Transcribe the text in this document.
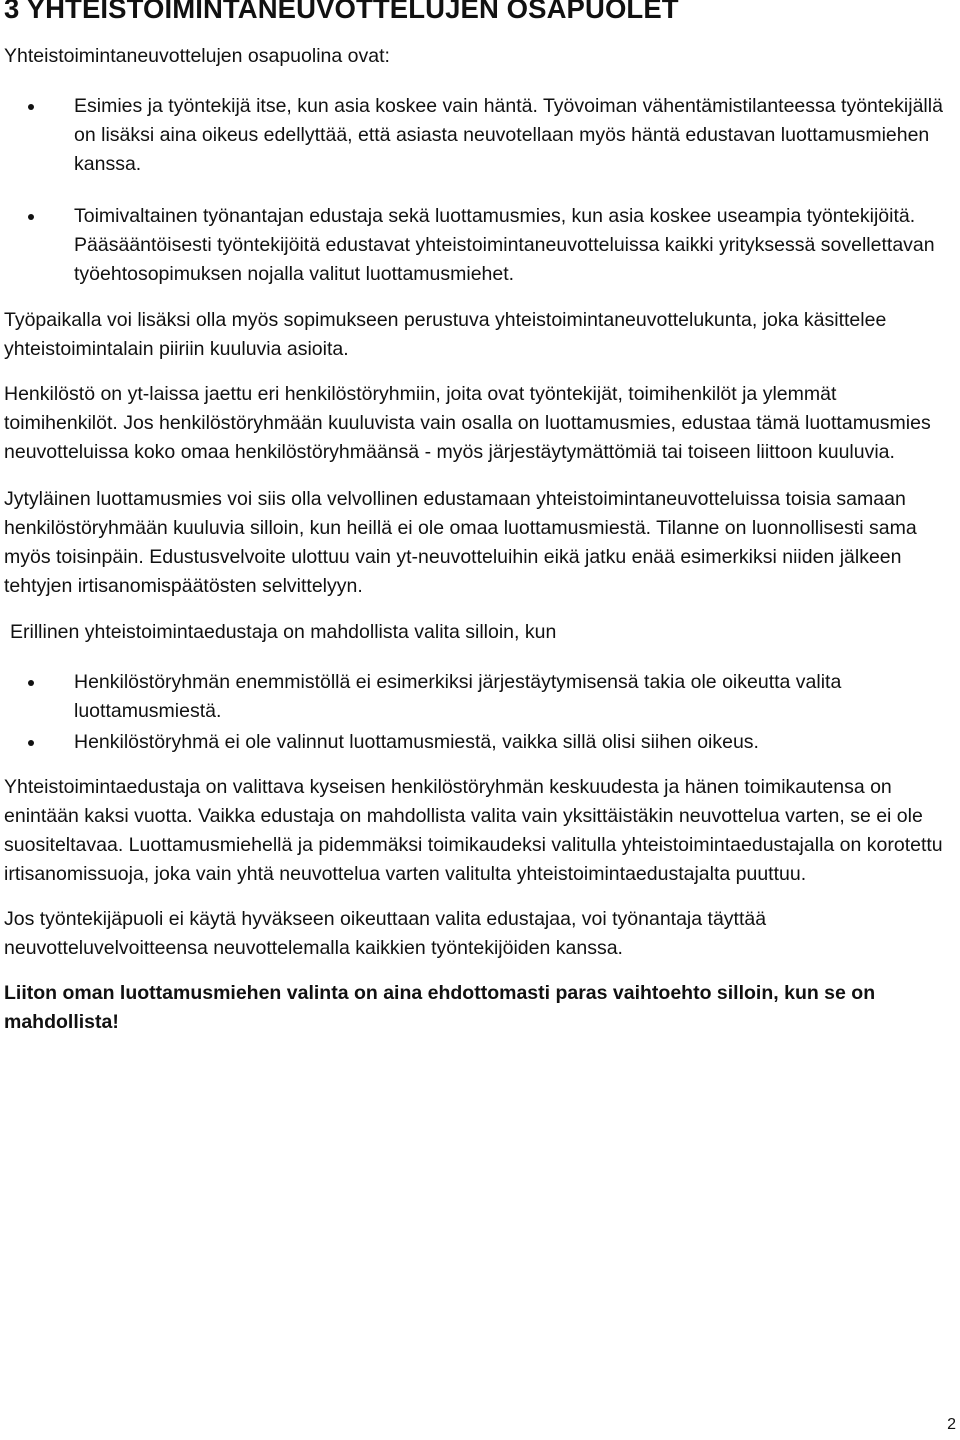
3 YHTEISTOIMINTANEUVOTTELUJEN OSAPUOLET

Yhteistoimintaneuvottelujen osapuolina ovat:

Esimies ja työntekijä itse, kun asia koskee vain häntä. Työvoiman vähentämistilanteessa työntekijällä on lisäksi aina oikeus edellyttää, että asiasta neuvotellaan myös häntä edustavan luottamusmiehen kanssa.
Toimivaltainen työnantajan edustaja sekä luottamusmies, kun asia koskee useampia työntekijöitä. Pääsääntöisesti työntekijöitä edustavat yhteistoimintaneuvotteluissa kaikki yrityksessä sovellettavan työehtosopimuksen nojalla valitut luottamusmiehet.

Työpaikalla voi lisäksi olla myös sopimukseen perustuva yhteistoimintaneuvottelukunta, joka käsittelee yhteistoimintalain piiriin kuuluvia asioita.

Henkilöstö on yt-laissa jaettu eri henkilöstöryhmiin, joita ovat työntekijät, toimihenkilöt ja ylemmät toimihenkilöt. Jos henkilöstöryhmään kuuluvista vain osalla on luottamusmies, edustaa tämä luottamusmies neuvotteluissa koko omaa henkilöstöryhmäänsä - myös järjestäytymättömiä tai toiseen liittoon kuuluvia.

Jytyläinen luottamusmies voi siis olla velvollinen edustamaan yhteistoimintaneuvotteluissa toisia samaan henkilöstöryhmään kuuluvia silloin, kun heillä ei ole omaa luottamusmiestä. Tilanne on luonnollisesti sama myös toisinpäin. Edustusvelvoite ulottuu vain yt-neuvotteluihin eikä jatku enää esimerkiksi niiden jälkeen tehtyjen irtisanomispäätösten selvittelyyn.

Erillinen yhteistoimintaedustaja on mahdollista valita silloin, kun

Henkilöstöryhmän enemmistöllä ei esimerkiksi järjestäytymisensä takia ole oikeutta valita luottamusmiestä.
Henkilöstöryhmä ei ole valinnut luottamusmiestä, vaikka sillä olisi siihen oikeus.

Yhteistoimintaedustaja on valittava kyseisen henkilöstöryhmän keskuudesta ja hänen toimikautensa on enintään kaksi vuotta. Vaikka edustaja on mahdollista valita vain yksittäistäkin neuvottelua varten, se ei ole suositeltavaa. Luottamusmiehellä ja pidemmäksi toimikaudeksi valitulla yhteistoimintaedustajalla on korotettu irtisanomissuoja, joka vain yhtä neuvottelua varten valitulta yhteistoimintaedustajalta puuttuu.

Jos työntekijäpuoli ei käytä hyväkseen oikeuttaan valita edustajaa, voi työnantaja täyttää neuvotteluvelvoitteensa neuvottelemalla kaikkien työntekijöiden kanssa.

Liiton oman luottamusmiehen valinta on aina ehdottomasti paras vaihtoehto silloin, kun se on mahdollista!

2
